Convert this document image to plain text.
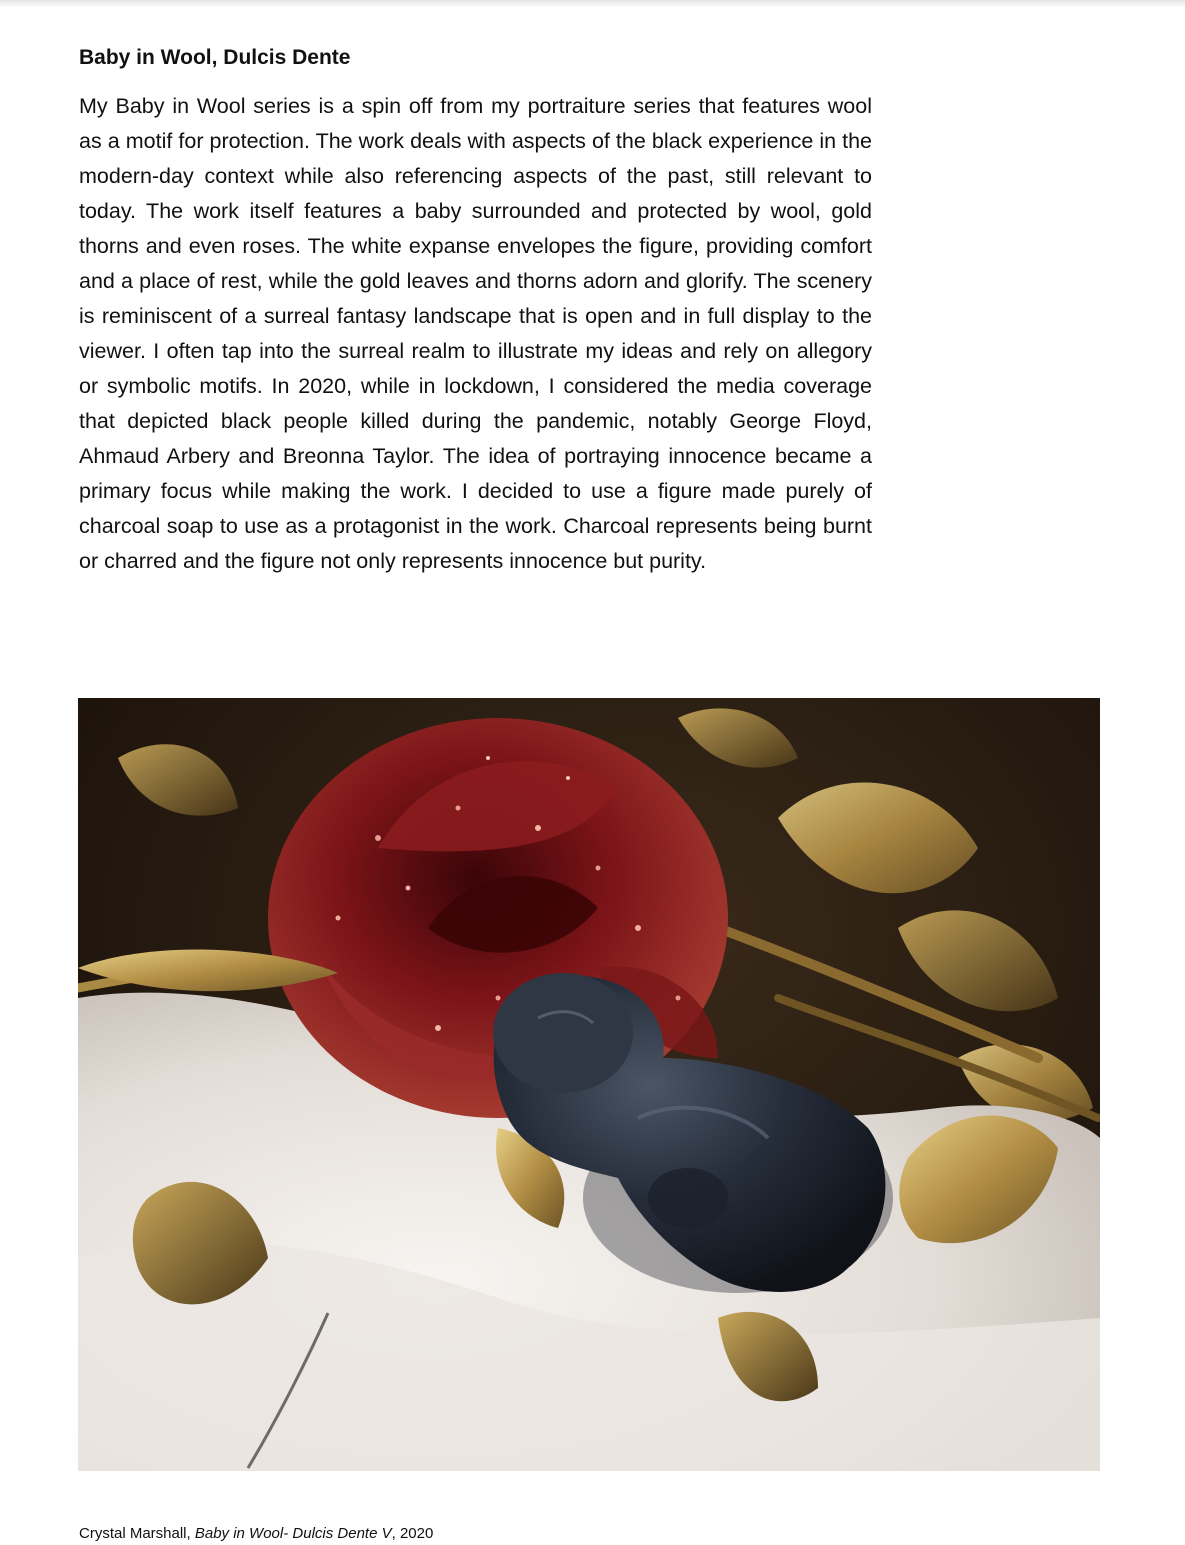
Baby in Wool, Dulcis Dente

My Baby in Wool series is a spin off from my portraiture series that features wool as a motif for protection. The work deals with aspects of the black experience in the modern-day context while also referencing aspects of the past, still relevant to today. The work itself features a baby surrounded and protected by wool, gold thorns and even roses. The white expanse envelopes the figure, providing comfort and a place of rest, while the gold leaves and thorns adorn and glorify. The scenery is reminiscent of a surreal fantasy landscape that is open and in full display to the viewer. I often tap into the surreal realm to illustrate my ideas and rely on allegory or symbolic motifs. In 2020, while in lockdown, I considered the media coverage that depicted black people killed during the pandemic, notably George Floyd, Ahmaud Arbery and Breonna Taylor. The idea of portraying innocence became a primary focus while making the work. I decided to use a figure made purely of charcoal soap to use as a protagonist in the work. Charcoal represents being burnt or charred and the figure not only represents innocence but purity.

Crystal Marshall, Baby in Wool- Dulcis Dente V, 2020
